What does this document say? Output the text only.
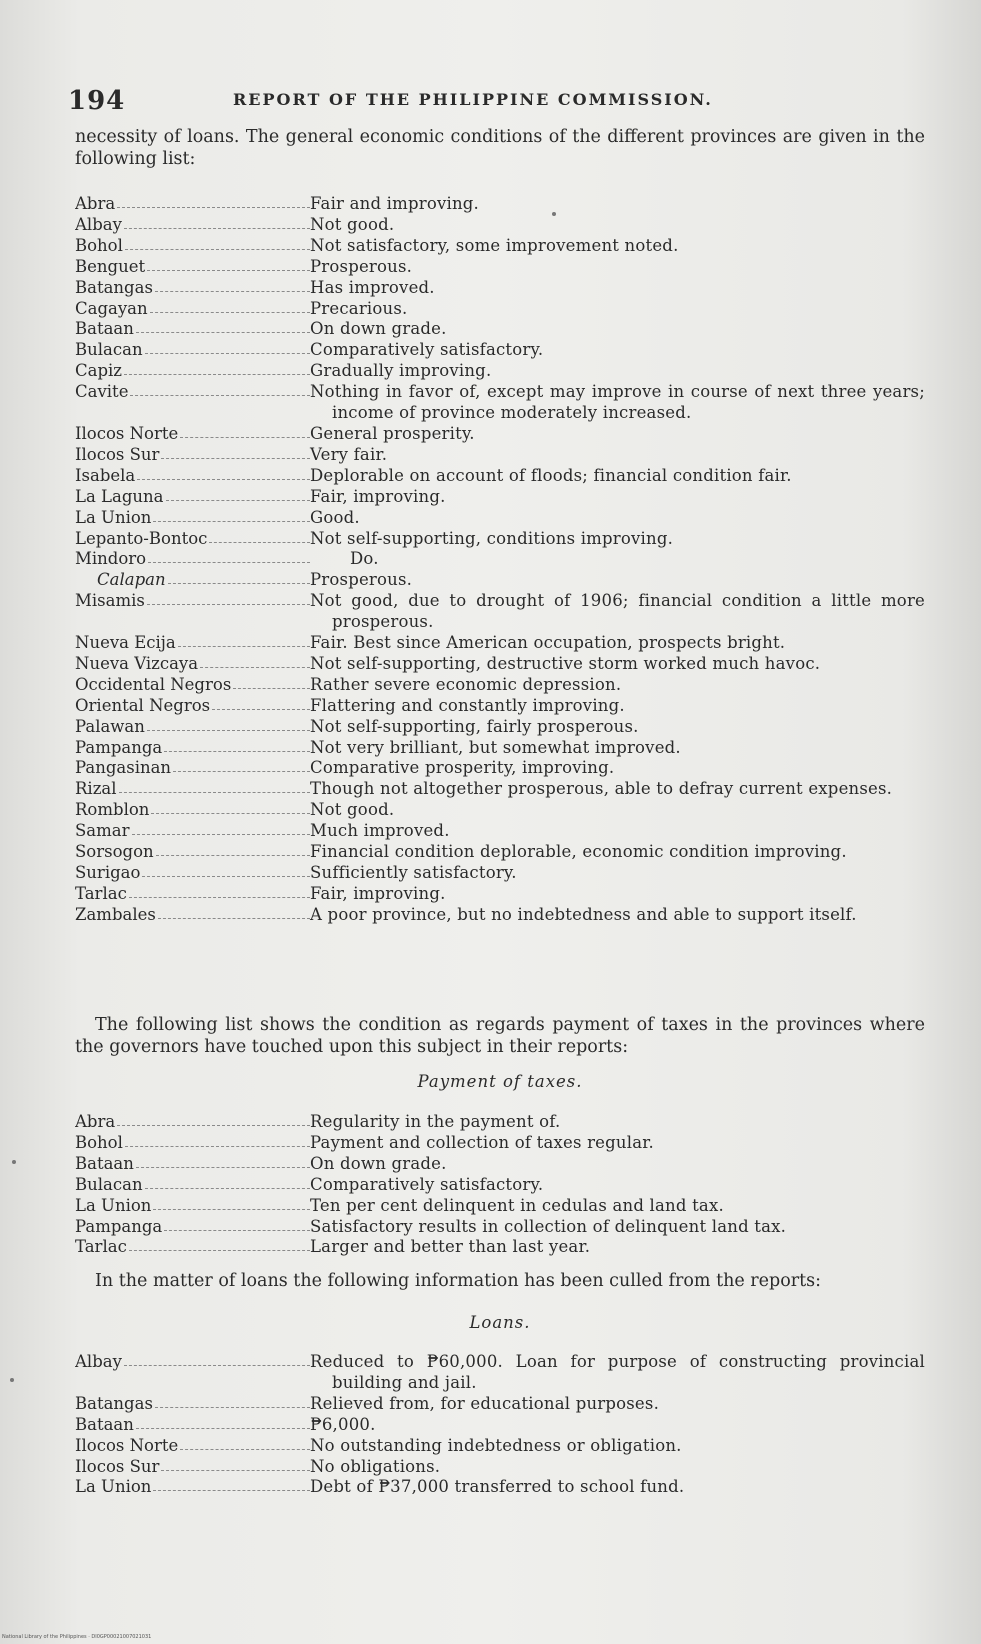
194	REPORT OF THE PHILIPPINE COMMISSION.
necessity of loans. The general economic conditions of the different provinces are given in the following list:
Abra	Fair and improving.
Albay	Not good.
Bohol	Not satisfactory, some improvement noted.
Benguet	Prosperous.
Batangas	Has improved.
Cagayan	Precarious.
Bataan	On down grade.
Bulacan	Comparatively satisfactory.
Capiz	Gradually improving.
Cavite	Nothing in favor of, except may improve in course of next three years; income of province moderately increased.
Ilocos Norte	General prosperity.
Ilocos Sur	Very fair.
Isabela	Deplorable on account of floods; financial condition fair.
La Laguna	Fair, improving.
La Union	Good.
Lepanto-Bontoc	Not self-supporting, conditions improving.
Mindoro	Do.
Calapan	Prosperous.
Misamis	Not good, due to drought of 1906; financial condition a little more prosperous.
Nueva Ecija	Fair. Best since American occupation, prospects bright.
Nueva Vizcaya	Not self-supporting, destructive storm worked much havoc.
Occidental Negros	Rather severe economic depression.
Oriental Negros	Flattering and constantly improving.
Palawan	Not self-supporting, fairly prosperous.
Pampanga	Not very brilliant, but somewhat improved.
Pangasinan	Comparative prosperity, improving.
Rizal	Though not altogether prosperous, able to defray current expenses.
Romblon	Not good.
Samar	Much improved.
Sorsogon	Financial condition deplorable, economic condition improving.
Surigao	Sufficiently satisfactory.
Tarlac	Fair, improving.
Zambales	A poor province, but no indebtedness and able to support itself.
The following list shows the condition as regards payment of taxes in the provinces where the governors have touched upon this subject in their reports:
Payment of taxes.
Abra	Regularity in the payment of.
Bohol	Payment and collection of taxes regular.
Bataan	On down grade.
Bulacan	Comparatively satisfactory.
La Union	Ten per cent delinquent in cedulas and land tax.
Pampanga	Satisfactory results in collection of delinquent land tax.
Tarlac	Larger and better than last year.
In the matter of loans the following information has been culled from the reports:
Loans.
Albay	Reduced to ₱60,000. Loan for purpose of constructing provincial building and jail.
Batangas	Relieved from, for educational purposes.
Bataan	₱6,000.
Ilocos Norte	No outstanding indebtedness or obligation.
Ilocos Sur	No obligations.
La Union	Debt of ₱37,000 transferred to school fund.
National Library of the Philippines · DI0GP00021007021031
